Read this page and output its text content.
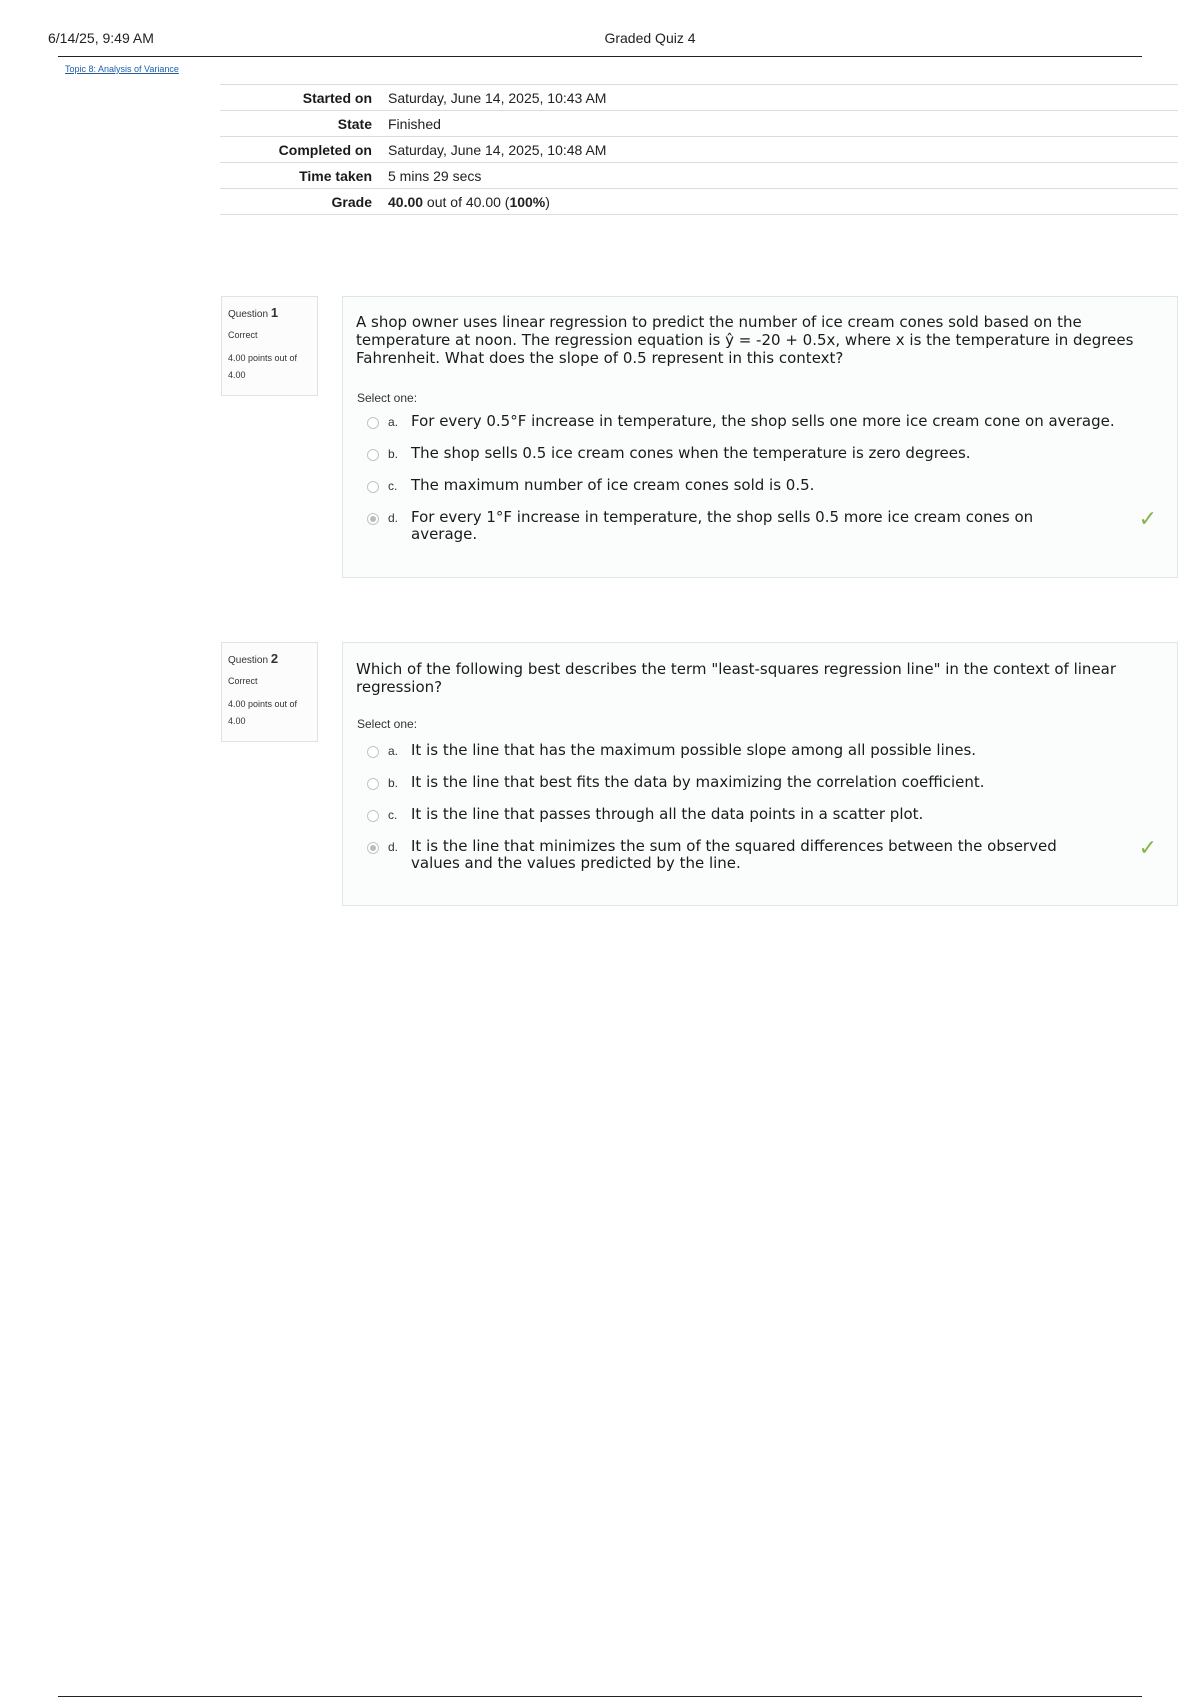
6/14/25, 9:49 AM	Graded Quiz 4
Topic 8: Analysis of Variance
Started on	Saturday, June 14, 2025, 10:43 AM
State	Finished
Completed on	Saturday, June 14, 2025, 10:48 AM
Time taken	5 mins 29 secs
Grade	40.00 out of 40.00 (100%)
Question 1
Correct
4.00 points out of 4.00
A shop owner uses linear regression to predict the number of ice cream cones sold based on the temperature at noon. The regression equation is ŷ = -20 + 0.5x, where x is the temperature in degrees Fahrenheit. What does the slope of 0.5 represent in this context?
Select one:
a. For every 0.5°F increase in temperature, the shop sells one more ice cream cone on average.
b. The shop sells 0.5 ice cream cones when the temperature is zero degrees.
c. The maximum number of ice cream cones sold is 0.5.
d. For every 1°F increase in temperature, the shop sells 0.5 more ice cream cones on average.
✓
Question 2
Correct
4.00 points out of 4.00
Which of the following best describes the term "least-squares regression line" in the context of linear regression?
Select one:
a. It is the line that has the maximum possible slope among all possible lines.
b. It is the line that best fits the data by maximizing the correlation coefficient.
c. It is the line that passes through all the data points in a scatter plot.
d. It is the line that minimizes the sum of the squared differences between the observed values and the values predicted by the line.
✓
